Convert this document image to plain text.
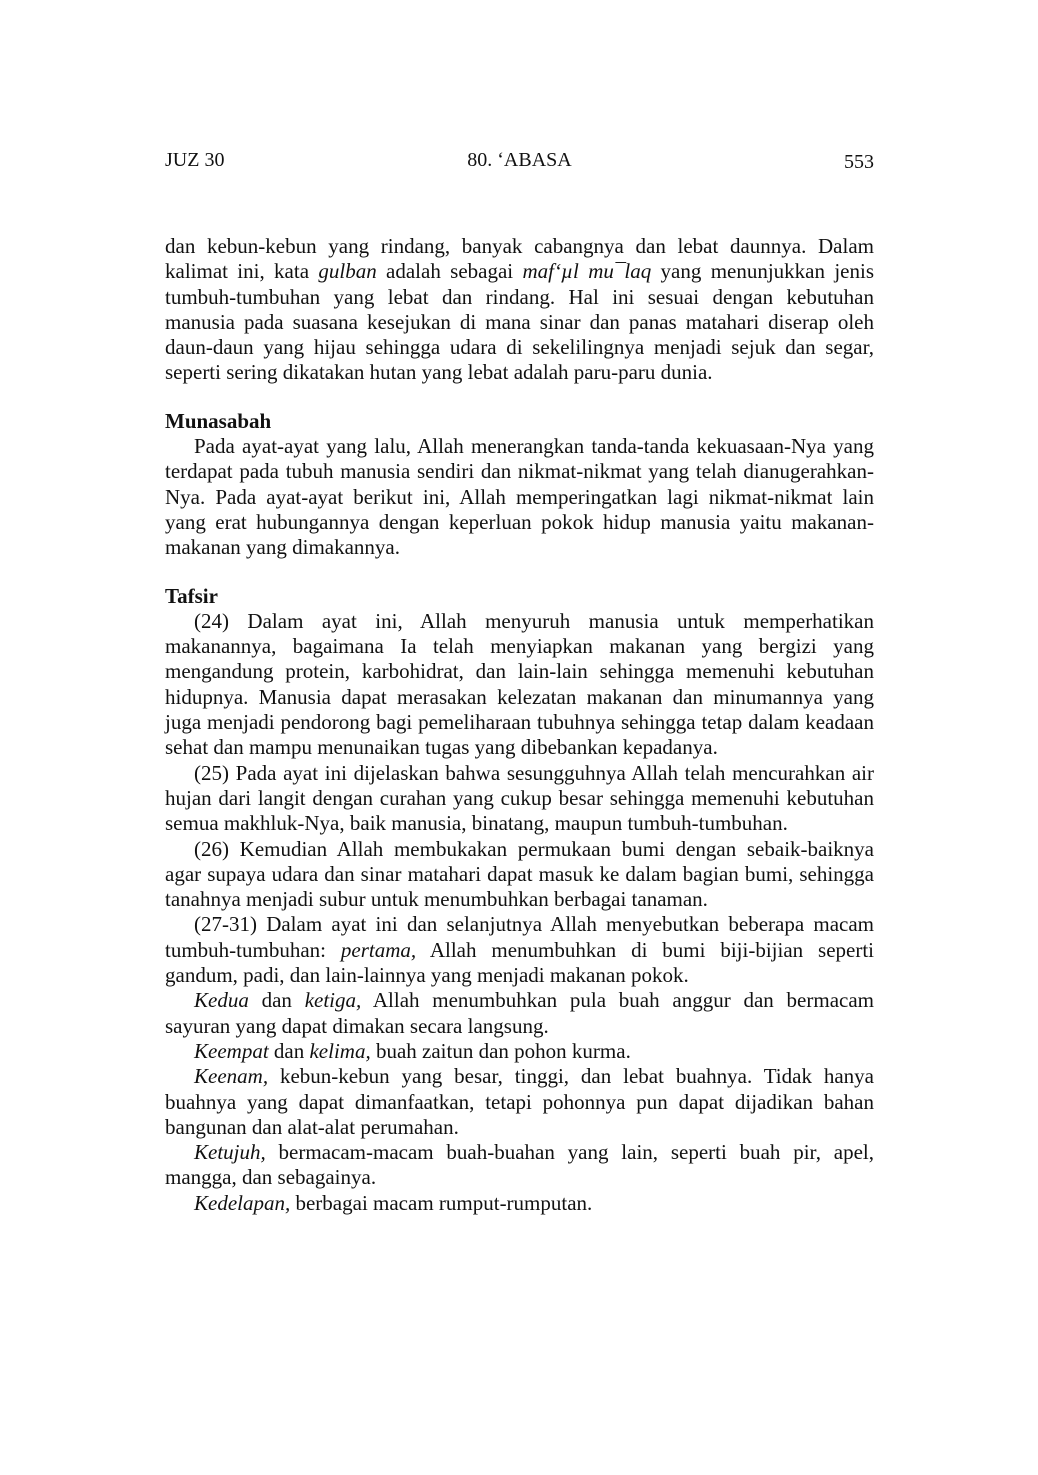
JUZ 30	80. ‘ABASA	553

dan kebun-kebun yang rindang, banyak cabangnya dan lebat daunnya. Dalam kalimat ini, kata gulban adalah sebagai maf‘µl mu¯laq yang menunjukkan jenis tumbuh-tumbuhan yang lebat dan rindang. Hal ini sesuai dengan kebutuhan manusia pada suasana kesejukan di mana sinar dan panas matahari diserap oleh daun-daun yang hijau sehingga udara di sekelilingnya menjadi sejuk dan segar, seperti sering dikatakan hutan yang lebat adalah paru-paru dunia.

Munasabah

Pada ayat-ayat yang lalu, Allah menerangkan tanda-tanda kekuasaan-Nya yang terdapat pada tubuh manusia sendiri dan nikmat-nikmat yang telah dianugerahkan-Nya. Pada ayat-ayat berikut ini, Allah memperingatkan lagi nikmat-nikmat lain yang erat hubungannya dengan keperluan pokok hidup manusia yaitu makanan-makanan yang dimakannya.

Tafsir

(24) Dalam ayat ini, Allah menyuruh manusia untuk memperhatikan makanannya, bagaimana Ia telah menyiapkan makanan yang bergizi yang mengandung protein, karbohidrat, dan lain-lain sehingga memenuhi kebutuhan hidupnya. Manusia dapat merasakan kelezatan makanan dan minumannya yang juga menjadi pendorong bagi pemeliharaan tubuhnya sehingga tetap dalam keadaan sehat dan mampu menunaikan tugas yang dibebankan kepadanya.

(25) Pada ayat ini dijelaskan bahwa sesungguhnya Allah telah mencurahkan air hujan dari langit dengan curahan yang cukup besar sehingga memenuhi kebutuhan semua makhluk-Nya, baik manusia, binatang, maupun tumbuh-tumbuhan.

(26) Kemudian Allah membukakan permukaan bumi dengan sebaik-baiknya agar supaya udara dan sinar matahari dapat masuk ke dalam bagian bumi, sehingga tanahnya menjadi subur untuk menumbuhkan berbagai tanaman.

(27-31) Dalam ayat ini dan selanjutnya Allah menyebutkan beberapa macam tumbuh-tumbuhan: pertama, Allah menumbuhkan di bumi biji-bijian seperti gandum, padi, dan lain-lainnya yang menjadi makanan pokok.

Kedua dan ketiga, Allah menumbuhkan pula buah anggur dan bermacam sayuran yang dapat dimakan secara langsung.

Keempat dan kelima, buah zaitun dan pohon kurma.

Keenam, kebun-kebun yang besar, tinggi, dan lebat buahnya. Tidak hanya buahnya yang dapat dimanfaatkan, tetapi pohonnya pun dapat dijadikan bahan bangunan dan alat-alat perumahan.

Ketujuh, bermacam-macam buah-buahan yang lain, seperti buah pir, apel, mangga, dan sebagainya.

Kedelapan, berbagai macam rumput-rumputan.
